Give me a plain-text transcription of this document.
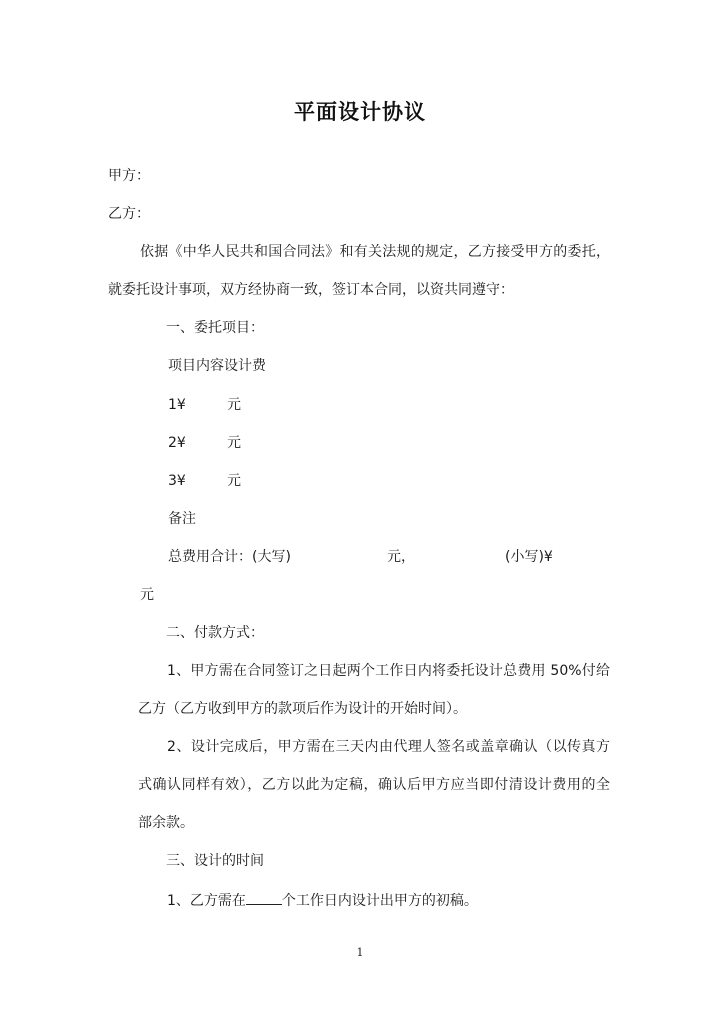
平面设计协议
甲方：
乙方：
依据《中华人民共和国合同法》和有关法规的规定，乙方接受甲方的委托，
就委托设计事项，双方经协商一致，签订本合同，以资共同遵守：
一、委托项目：
项目内容设计费
1¥	元
2¥	元
3¥	元
备注
总费用合计：(大写)	元，	(小写)¥
元
二、付款方式：
1、甲方需在合同签订之日起两个工作日内将委托设计总费用 50%付给
乙方（乙方收到甲方的款项后作为设计的开始时间）。
2、设计完成后，甲方需在三天内由代理人签名或盖章确认（以传真方
式确认同样有效），乙方以此为定稿，确认后甲方应当即付清设计费用的全
部余款。
三、设计的时间
1、乙方需在	个工作日内设计出甲方的初稿。
1
